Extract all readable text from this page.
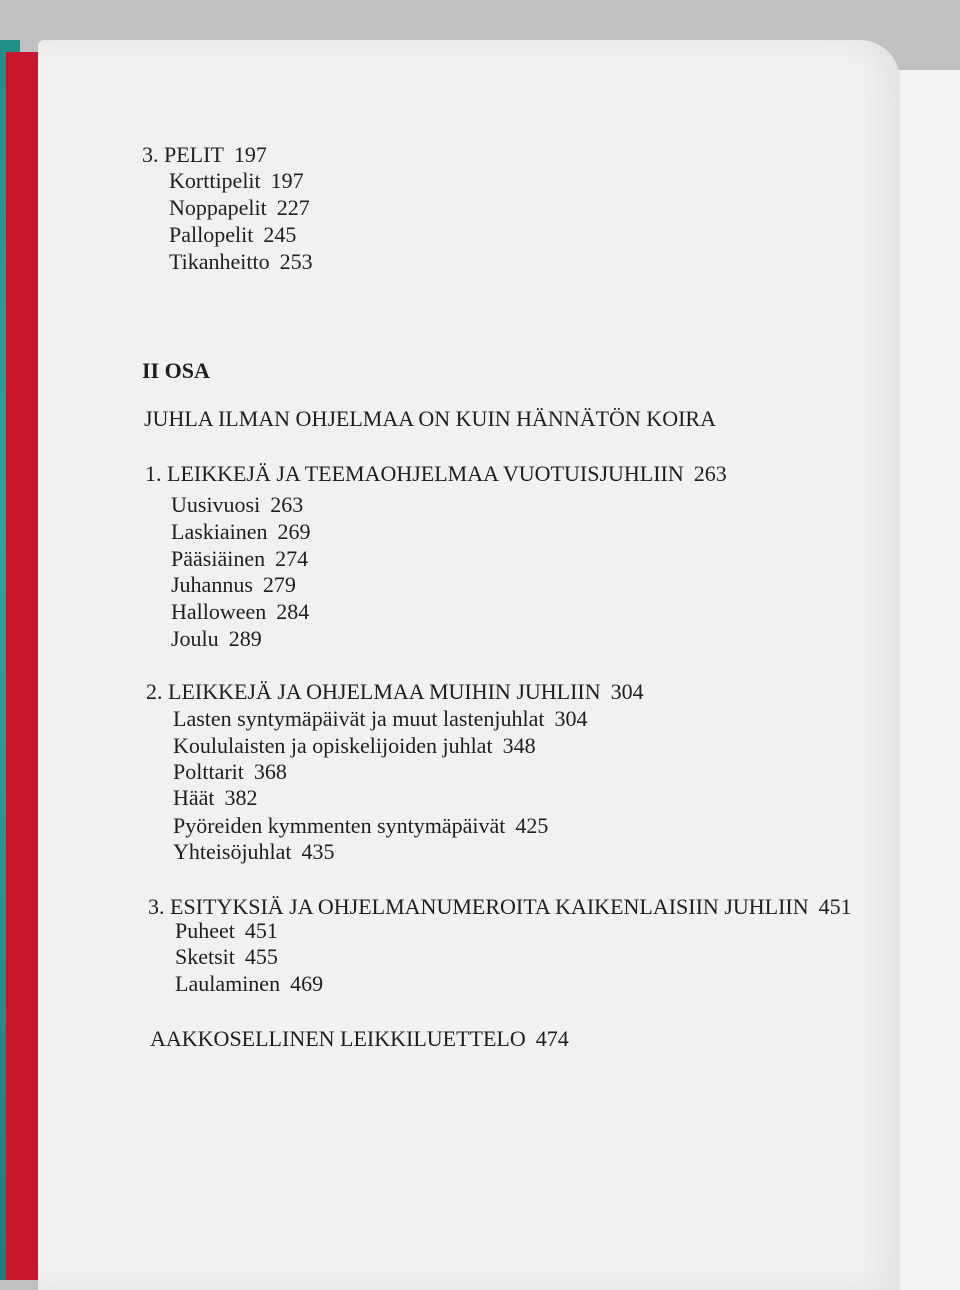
3. PELIT 197
Korttipelit 197
Noppapelit 227
Pallopelit 245
Tikanheitto 253
II OSA
JUHLA ILMAN OHJELMAA ON KUIN HÄNNÄTÖN KOIRA
1. LEIKKEJÄ JA TEEMAOHJELMAA VUOTUISJUHLIIN 263
Uusivuosi 263
Laskiainen 269
Pääsiäinen 274
Juhannus 279
Halloween 284
Joulu 289
2. LEIKKEJÄ JA OHJELMAA MUIHIN JUHLIIN 304
Lasten syntymäpäivät ja muut lastenjuhlat 304
Koululaisten ja opiskelijoiden juhlat 348
Polttarit 368
Häät 382
Pyöreiden kymmenten syntymäpäivät 425
Yhteisöjuhlat 435
3. ESITYKSIÄ JA OHJELMANUMEROITA KAIKENLAISIIN JUHLIIN 451
Puheet 451
Sketsit 455
Laulaminen 469
AAKKOSELLINEN LEIKKILUETTELO 474
